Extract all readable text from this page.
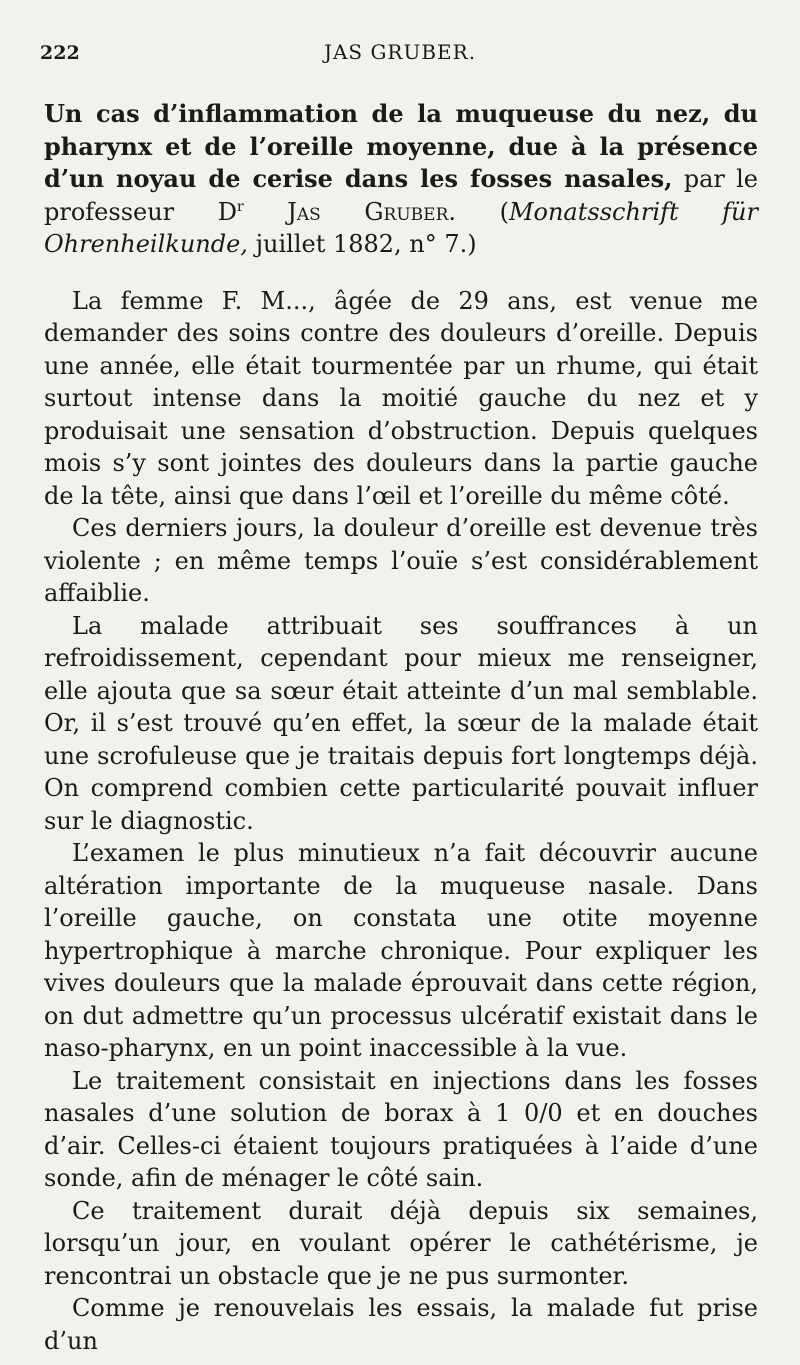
222	JAS GRUBER.

Un cas d’inflammation de la muqueuse du nez, du pharynx et de l’oreille moyenne, due à la présence d’un noyau de cerise dans les fosses nasales, par le professeur $D^r$ Jas Gruber. (Monatsschrift für Ohrenheilkunde, juillet 1882, n° 7.)

La femme F. M..., âgée de 29 ans, est venue me demander des soins contre des douleurs d’oreille. Depuis une année, elle était tourmentée par un rhume, qui était surtout intense dans la moitié gauche du nez et y produisait une sensation d’obstruction. Depuis quelques mois s’y sont jointes des douleurs dans la partie gauche de la tête, ainsi que dans l’œil et l’oreille du même côté.

Ces derniers jours, la douleur d’oreille est devenue très violente ; en même temps l’ouïe s’est considérablement affaiblie.

La malade attribuait ses souffrances à un refroidissement, cependant pour mieux me renseigner, elle ajouta que sa sœur était atteinte d’un mal semblable. Or, il s’est trouvé qu’en effet, la sœur de la malade était une scrofuleuse que je traitais depuis fort longtemps déjà. On comprend combien cette particularité pouvait influer sur le diagnostic.

L’examen le plus minutieux n’a fait découvrir aucune altération importante de la muqueuse nasale. Dans l’oreille gauche, on constata une otite moyenne hypertrophique à marche chronique. Pour expliquer les vives douleurs que la malade éprouvait dans cette région, on dut admettre qu’un processus ulcératif existait dans le naso-pharynx, en un point inaccessible à la vue.

Le traitement consistait en injections dans les fosses nasales d’une solution de borax à 1 0/0 et en douches d’air. Celles-ci étaient toujours pratiquées à l’aide d’une sonde, afin de ménager le côté sain.

Ce traitement durait déjà depuis six semaines, lorsqu’un jour, en voulant opérer le cathétérisme, je rencontrai un obstacle que je ne pus surmonter.

Comme je renouvelais les essais, la malade fut prise d’un
